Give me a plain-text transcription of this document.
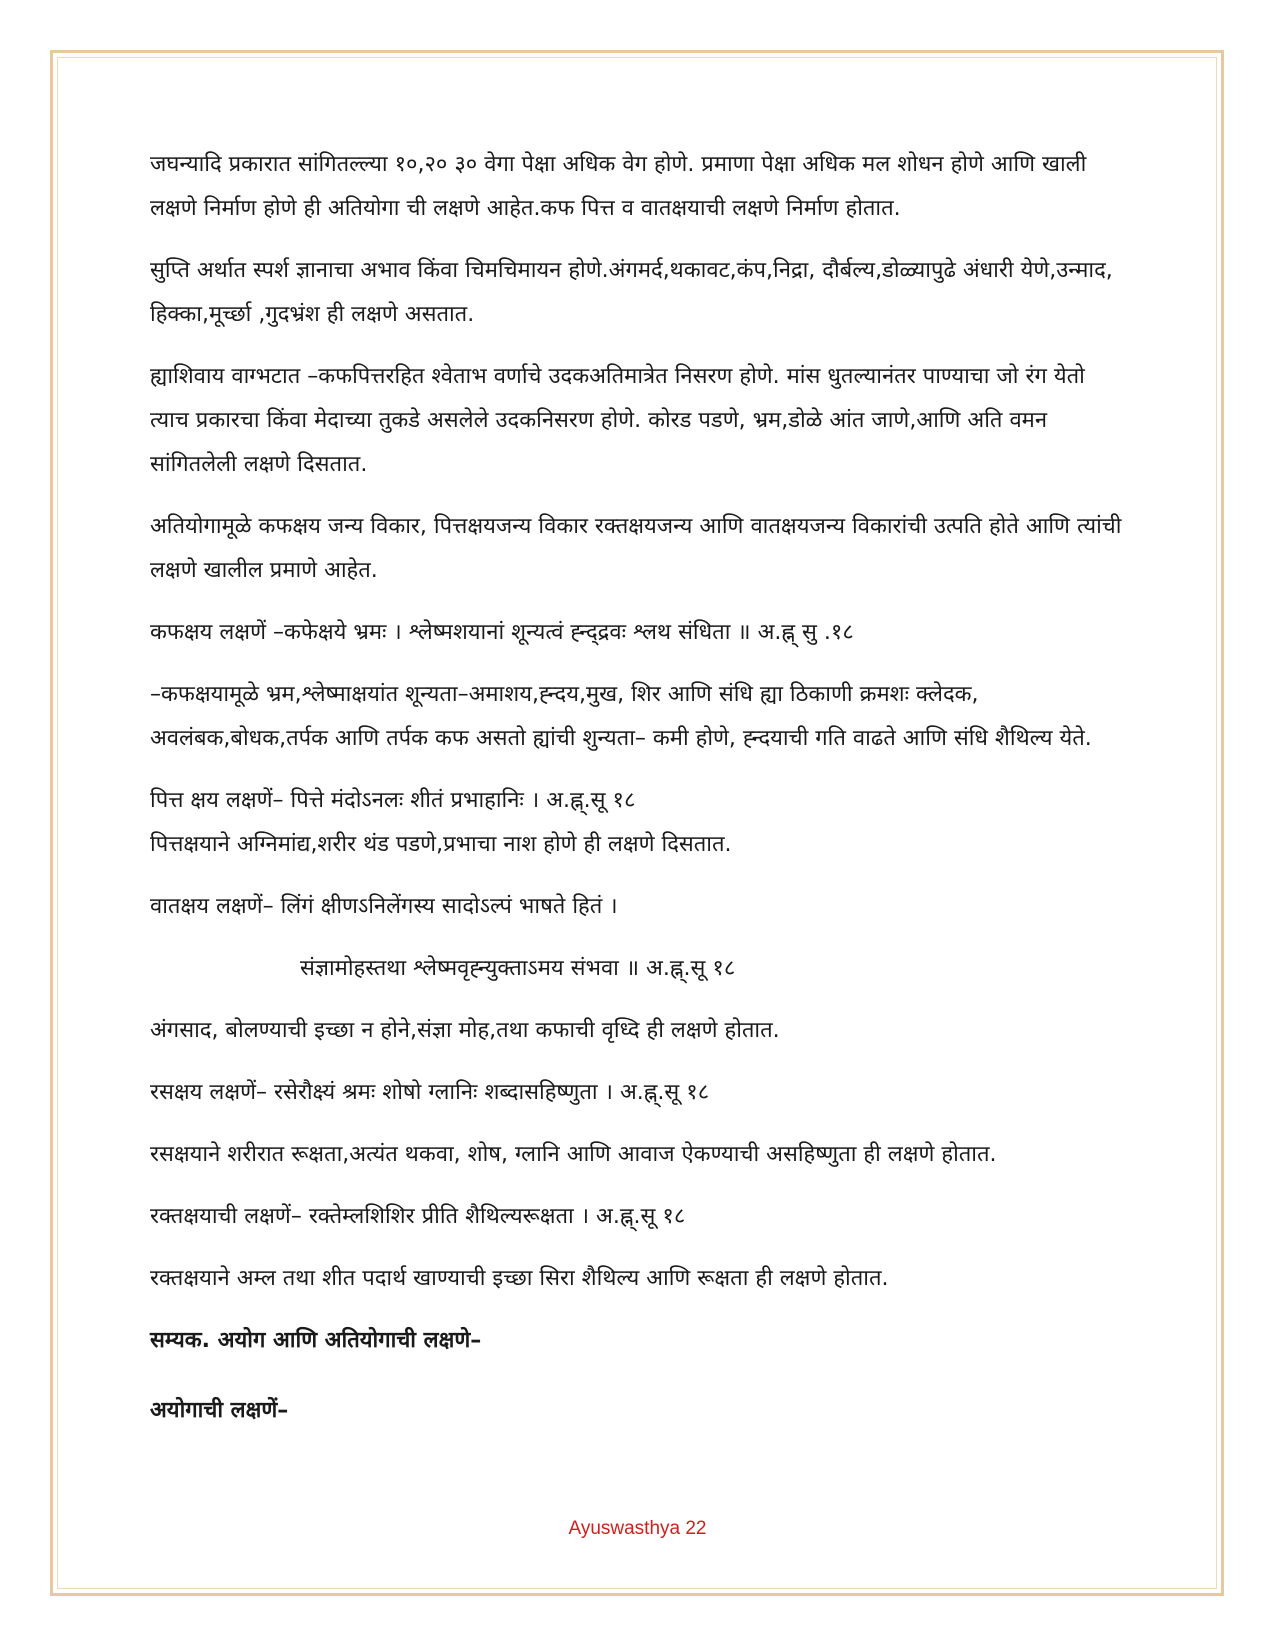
जघन्यादि प्रकारात सांगितल्ल्या १०,२० ३० वेगा पेक्षा अधिक वेग होणे. प्रमाणा पेक्षा अधिक मल शोधन होणे आणि खाली लक्षणे निर्माण होणे ही अतियोगा ची लक्षणे आहेत.कफ पित्त व वातक्षयाची लक्षणे निर्माण होतात.

सुप्ति अर्थात स्पर्श ज्ञानाचा अभाव किंवा चिमचिमायन होणे.अंगमर्द,थकावट,कंप,निद्रा, दौर्बल्य,डोळ्यापुढे अंधारी येणे,उन्माद, हिक्का,मूर्च्छा ,गुदभ्रंश ही लक्षणे असतात.

ह्याशिवाय वाग्भटात –कफपित्तरहित श्वेताभ वर्णाचे उदकअतिमात्रेत निसरण होणे. मांस धुतल्यानंतर पाण्याचा जो रंग येतो त्याच प्रकारचा किंवा मेदाच्या तुकडे असलेले उदकनिसरण होणे. कोरड पडणे, भ्रम,डोळे आंत जाणे,आणि अति वमन सांगितलेली लक्षणे दिसतात.

अतियोगामूळे कफक्षय जन्य विकार, पित्तक्षयजन्य विकार रक्तक्षयजन्य आणि वातक्षयजन्य विकारांची उत्पति होते आणि त्यांची लक्षणे खालील प्रमाणे आहेत.

कफक्षय लक्षणें –कफेक्षये भ्रमः । श्लेष्मशयानां शून्यत्वं ह्न्द्द्रवः श्लथ संधिता ॥ अ.ह्न् सु .१८

–कफक्षयामूळे भ्रम,श्लेष्माक्षयांत शून्यता–अमाशय,ह्न्दय,मुख, शिर आणि संधि ह्या ठिकाणी क्रमशः क्लेदक, अवलंबक,बोधक,तर्पक आणि तर्पक कफ असतो ह्यांची शुन्यता– कमी होणे, ह्न्दयाची गति वाढते आणि संधि शैथिल्य येते.

पित्त क्षय लक्षणें– पित्ते मंदोऽनलः शीतं प्रभाहानिः । अ.ह्न्.सू १८

पित्तक्षयाने अग्निमांद्य,शरीर थंड पडणे,प्रभाचा नाश होणे ही लक्षणे दिसतात.

वातक्षय लक्षणें– लिंगं क्षीणऽनिलेंगस्य सादोऽल्पं भाषते हितं ।

संज्ञामोहस्तथा श्लेष्मवृह्न्युक्ताऽमय संभवा ॥ अ.ह्न्.सू १८

अंगसाद, बोलण्याची इच्छा न होने,संज्ञा मोह,तथा कफाची वृध्दि ही लक्षणे होतात.

रसक्षय लक्षणें– रसेरौक्ष्यं श्रमः शोषो ग्लानिः शब्दासहिष्णुता । अ.ह्न्.सू १८

रसक्षयाने शरीरात रूक्षता,अत्यंत थकवा, शोष, ग्लानि आणि आवाज ऐकण्याची असहिष्णुता ही लक्षणे होतात.

रक्तक्षयाची लक्षणें– रक्तेम्लशिशिर प्रीति शैथिल्यरूक्षता । अ.ह्न्.सू १८

रक्तक्षयाने अम्ल तथा शीत पदार्थ खाण्याची इच्छा सिरा शैथिल्य आणि रूक्षता ही लक्षणे होतात.

सम्यक. अयोग आणि अतियोगाची लक्षणे–

अयोगाची लक्षणें–

Ayuswasthya 22
